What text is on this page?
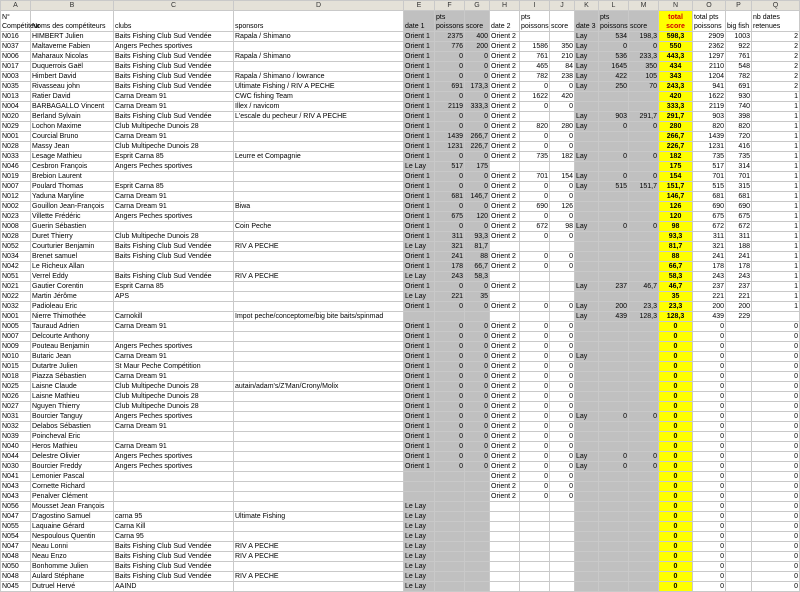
A	B	C	D	E	F	G	H	I	J	K	L	M	N	O	P	Q
N° Compétiteur	Noms des compétiteurs	clubs	sponsors	date 1	pts poissons	score	date 2	pts poissons	score	date 3	pts poissons	score	total score	total pts poissons	big fish	nb dates retenues
N016	HIMBERT Julien	Baits Fishing Club Sud Vendée	Rapala / Shimano	Orient 1	2375	400	Orient 2			Lay	534	198,3	598,3	2909	1003	2
N037	Maltaverne Fabien	Angers Peches sportives		Orient 1	776	200	Orient 2	1586	350	Lay	0	0	550	2362	922	2
N006	Maharaux Nicolas	Baits Fishing Club Sud Vendée	Rapala / Shimano	Orient 1	0	0	Orient 2	761	210	Lay	536	233,3	443,3	1297	761	2
N017	Duquerrois Gaël	Baits Fishing Club Sud Vendée		Orient 1	0	0	Orient 2	465	84	Lay	1645	350	434	2110	548	2
N003	Himbert David	Baits Fishing Club Sud Vendée	Rapala / Shimano / lowrance	Orient 1	0	0	Orient 2	782	238	Lay	422	105	343	1204	782	2
N035	Rivasseau john	Baits Fishing Club Sud Vendée	Ultimate Fishing / RIV A PECHE	Orient 1	691	173,3	Orient 2	0	0	Lay	250	70	243,3	941	691	2
N013	Ratier David	Carna Dream 91	CWC fishing Team	Orient 1	0	0	Orient 2	1622	420				420	1622	930	1
N004	BARBAGALLO Vincent	Carna Dream 91	Illex / navicom	Orient 1	2119	333,3	Orient 2	0	0				333,3	2119	740	1
N020	Berland Sylvain	Baits Fishing Club Sud Vendée	L'escale du pecheur / RIV A PECHE	Orient 1	0	0	Orient 2			Lay	903	291,7	291,7	903	398	1
N029	Lochon Maxime	Club Multipeche Dunois 28		Orient 1	0	0	Orient 2	820	280	Lay	0	0	280	820	820	1
N001	Courcial Bruno	Carna Dream 91		Orient 1	1439	266,7	Orient 2	0	0				266,7	1439	720	1
N028	Massy Jean	Club Multipeche Dunois 28		Orient 1	1231	226,7	Orient 2	0	0				226,7	1231	416	1
N033	Lesage Mathieu	Esprit Carna 85	Leurre et Compagnie	Orient 1	0	0	Orient 2	735	182	Lay	0	0	182	735	735	1
N046	Cesbron François	Angers Peches sportives		Le Lay	517	175							175	517	314	1
N019	Brebion Laurent			Orient 1	0	0	Orient 2	701	154	Lay	0	0	154	701	701	1
N007	Poulard Thomas	Esprit Carna 85		Orient 1	0	0	Orient 2	0	0	Lay	515	151,7	151,7	515	315	1
N012	Yaduna Maryline	Carna Dream 91		Orient 1	681	146,7	Orient 2	0	0				146,7	681	681	1
N002	Gouillon Jean-François	Carna Dream 91	Biwa	Orient 1	0	0	Orient 2	690	126				126	690	690	1
N023	Villette Frédéric	Angers Peches sportives		Orient 1	675	120	Orient 2	0	0				120	675	675	1
N008	Guerin Sébastien		Coin Peche	Orient 1	0	0	Orient 2	672	98	Lay	0	0	98	672	672	1
N028	Duret Thierry	Club Multipeche Dunois 28		Orient 1	311	93,3	Orient 2	0	0				93,3	311	311	1
N052	Courturier Benjamin	Baits Fishing Club Sud Vendée	RIV A PECHE	Le Lay	321	81,7							81,7	321	188	1
N034	Brenet samuel	Baits Fishing Club Sud Vendée		Orient 1	241	88	Orient 2	0	0				88	241	241	1
N042	Le Richeux Allan			Orient 1	178	66,7	Orient 2	0	0				66,7	178	178	1
N051	Verrel Eddy	Baits Fishing Club Sud Vendée	RIV A PECHE	Le Lay	243	58,3							58,3	243	243	1
N021	Gautier Corentin	Esprit Carna 85		Orient 1	0	0	Orient 2			Lay	237	46,7	46,7	237	237	1
N022	Martin Jérôme	APS		Le Lay	221	35							35	221	221	1
N032	Padioleau Eric			Orient 1	0	0	Orient 2	0	0	Lay	200	23,3	23,3	200	200	1
N001	Nierre Thimothée	Carnokill	Impot peche/conceptome/big bite baits/spinmad							Lay	439	128,3	128,3	439	229	
N005	Tauraud Adrien	Carna Dream 91		Orient 1	0	0	Orient 2	0	0				0	0		0
N007	Delcourte Anthony			Orient 1	0	0	Orient 2	0	0				0	0		0
N009	Pouteau Benjamin	Angers Peches sportives		Orient 1	0	0	Orient 2	0	0				0	0		0
N010	Butaric Jean	Carna Dream 91		Orient 1	0	0	Orient 2	0	0	Lay			0	0		0
N015	Dutartre Julien	St Maur Peche Compétition		Orient 1	0	0	Orient 2	0	0				0	0		0
N018	Piazza Sébastien	Carna Dream 91		Orient 1	0	0	Orient 2	0	0				0	0		0
N025	Laisne Claude	Club Multipeche Dunois 28	autain/adam's/Z'Man/Crony/Molix	Orient 1	0	0	Orient 2	0	0				0	0		0
N026	Laisne Mathieu	Club Multipeche Dunois 28		Orient 1	0	0	Orient 2	0	0				0	0		0
N027	Nguyen Thierry	Club Multipeche Dunois 28		Orient 1	0	0	Orient 2	0	0				0	0		0
N031	Bourcier Tanguy	Angers Peches sportives		Orient 1	0	0	Orient 2	0	0	Lay	0	0	0	0		0
N032	Delabos Sébastien	Carna Dream 91		Orient 1	0	0	Orient 2	0	0				0	0		0
N039	Poincheval Eric			Orient 1	0	0	Orient 2	0	0				0	0		0
N040	Heros Mathieu	Carna Dream 91		Orient 1	0	0	Orient 2	0	0				0	0		0
N044	Delestre Olivier	Angers Peches sportives		Orient 1	0	0	Orient 2	0	0	Lay	0	0	0	0		0
N030	Bourcier Freddy	Angers Peches sportives		Orient 1	0	0	Orient 2	0	0	Lay	0	0	0	0		0
N041	Lemonier Pascal						Orient 2	0	0				0	0		0
N043	Cornette Richard						Orient 2	0	0				0	0		0
N043	Penalver Clément						Orient 2	0	0				0	0		0
N056	Mousset Jean François			Le Lay									0	0		0
N047	D'agostino Samuel	carna 95	Ultimate Fishing	Le Lay									0	0		0
N055	Laquaine Gérard	Carna Kill		Le Lay									0	0		0
N054	Nespoulous Quentin	Carna 95		Le Lay									0	0		0
N047	Neau Lonni	Baits Fishing Club Sud Vendée	RIV A PECHE	Le Lay									0	0		0
N048	Neau Enzo	Baits Fishing Club Sud Vendée	RIV A PECHE	Le Lay									0	0		0
N050	Bonhomme Julien	Baits Fishing Club Sud Vendée		Le Lay									0	0		0
N048	Aulard Stéphane	Baits Fishing Club Sud Vendée	RIV A PECHE	Le Lay									0	0		0
N045	Dutruel Hervé	AAIND		Le Lay									0	0		0
